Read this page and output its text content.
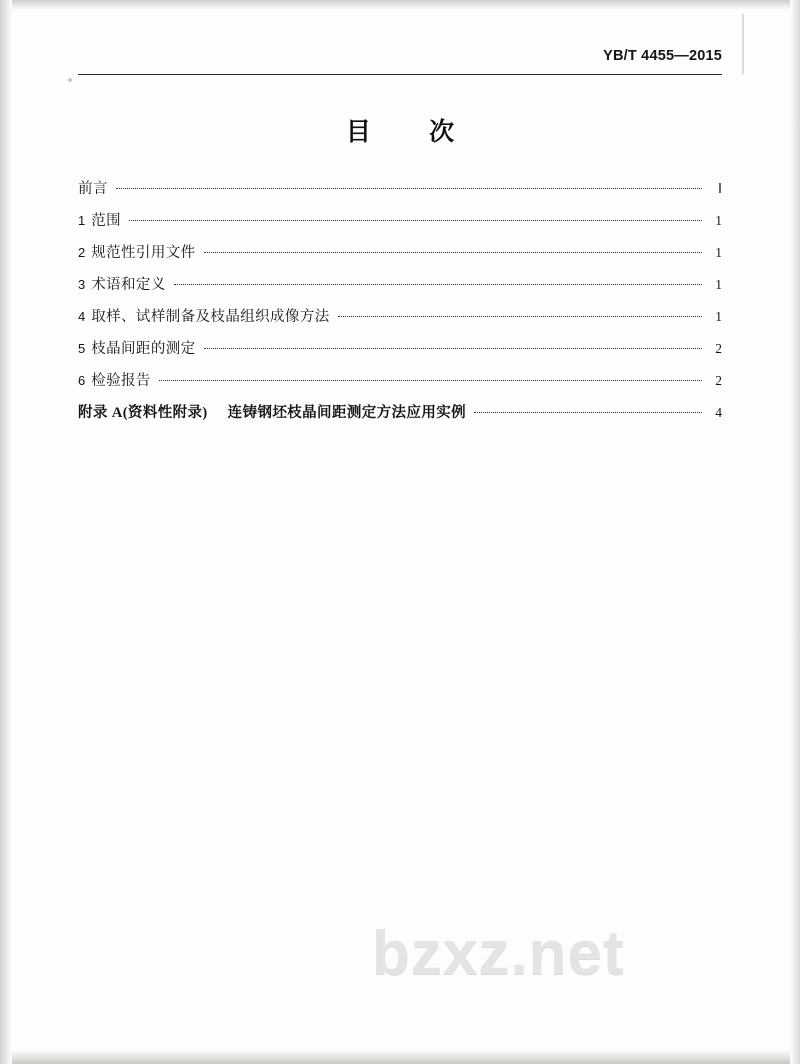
YB/T 4455—2015
目 次
前言	Ⅰ
1 范围	1
2 规范性引用文件	1
3 术语和定义	1
4 取样、试样制备及枝晶组织成像方法	1
5 枝晶间距的测定	2
6 检验报告	2
附录 A(资料性附录) 连铸钢坯枝晶间距测定方法应用实例	4
bzxz.net
